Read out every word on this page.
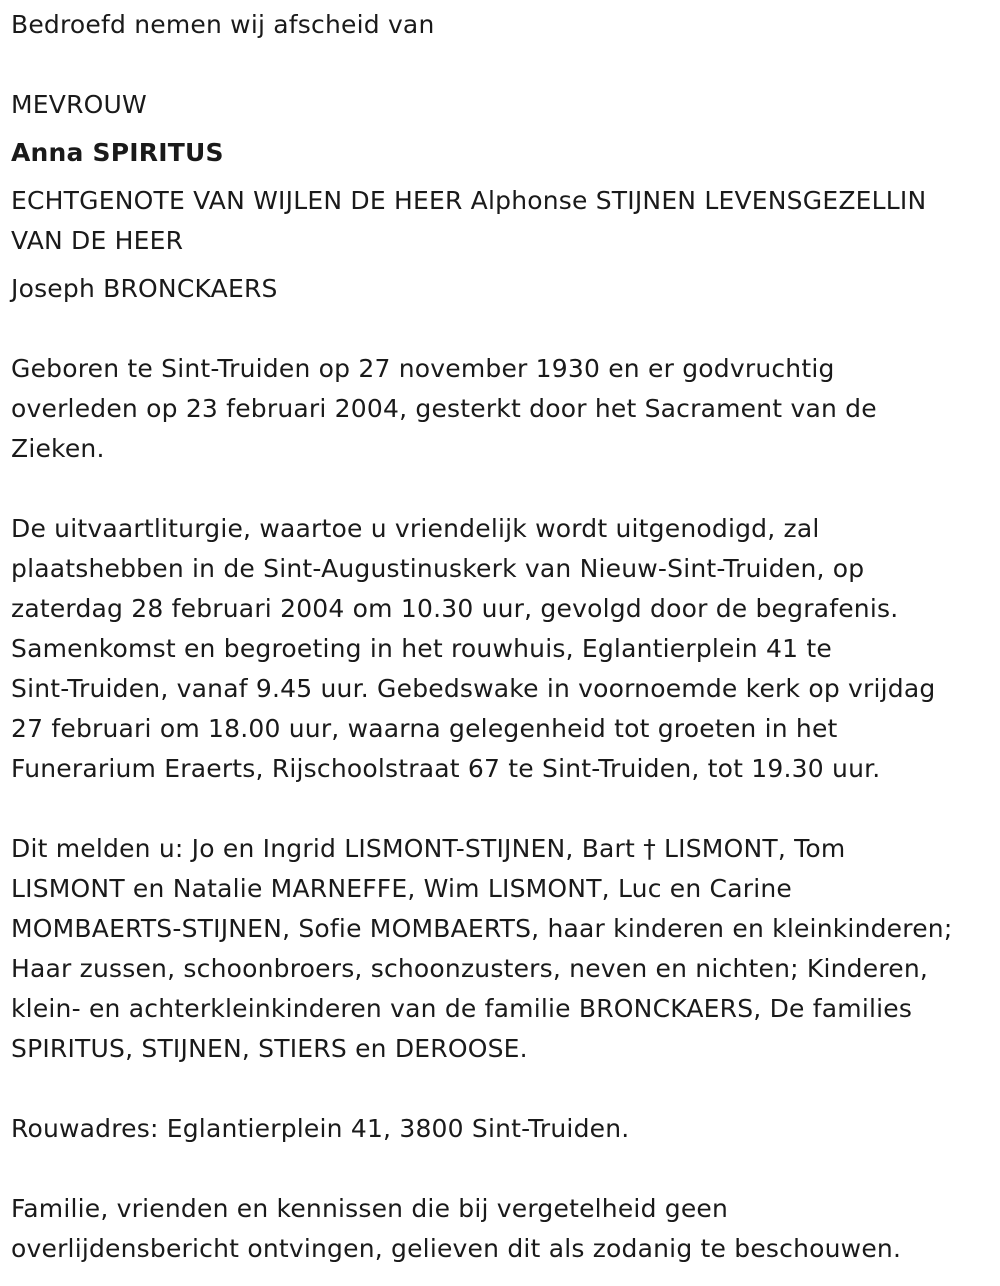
Bedroefd nemen wij afscheid van
MEVROUW
Anna SPIRITUS
ECHTGENOTE VAN WIJLEN DE HEER Alphonse STIJNEN LEVENSGEZELLIN
VAN DE HEER
Joseph BRONCKAERS
Geboren te Sint-Truiden op 27 november 1930 en er godvruchtig
overleden op 23 februari 2004, gesterkt door het Sacrament van de
Zieken.
De uitvaartliturgie, waartoe u vriendelijk wordt uitgenodigd, zal
plaatshebben in de Sint-Augustinuskerk van Nieuw-Sint-Truiden, op
zaterdag 28 februari 2004 om 10.30 uur, gevolgd door de begrafenis.
Samenkomst en begroeting in het rouwhuis, Eglantierplein 41 te
Sint-Truiden, vanaf 9.45 uur. Gebedswake in voornoemde kerk op vrijdag
27 februari om 18.00 uur, waarna gelegenheid tot groeten in het
Funerarium Eraerts, Rijschoolstraat 67 te Sint-Truiden, tot 19.30 uur.
Dit melden u: Jo en Ingrid LISMONT-STIJNEN, Bart † LISMONT, Tom
LISMONT en Natalie MARNEFFE, Wim LISMONT, Luc en Carine
MOMBAERTS-STIJNEN, Sofie MOMBAERTS, haar kinderen en kleinkinderen;
Haar zussen, schoonbroers, schoonzusters, neven en nichten; Kinderen,
klein- en achterkleinkinderen van de familie BRONCKAERS, De families
SPIRITUS, STIJNEN, STIERS en DEROOSE.
Rouwadres: Eglantierplein 41, 3800 Sint-Truiden.
Familie, vrienden en kennissen die bij vergetelheid geen
overlijdensbericht ontvingen, gelieven dit als zodanig te beschouwen.
